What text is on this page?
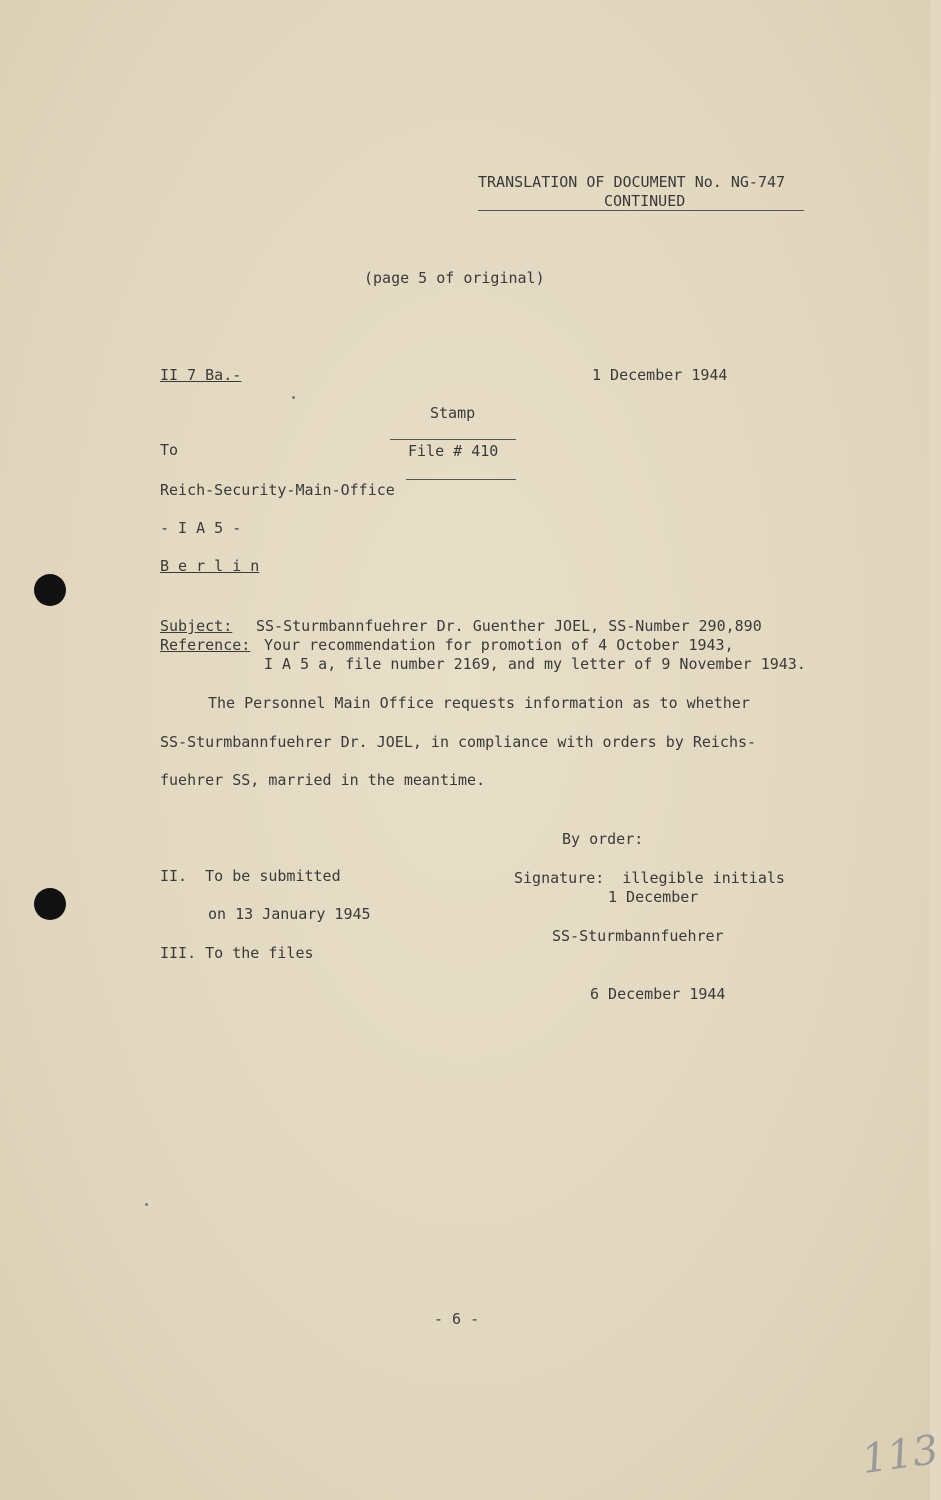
TRANSLATION OF DOCUMENT No. NG-747
CONTINUED
(page 5 of original)
II 7 Ba.-	1 December 1944
Stamp
File # 410
To
Reich-Security-Main-Office
- I A 5 -
B e r l i n
Subject: SS-Sturmbannfuehrer Dr. Guenther JOEL, SS-Number 290,890
Reference: Your recommendation for promotion of 4 October 1943,
I A 5 a, file number 2169, and my letter of 9 November 1943.
The Personnel Main Office requests information as to whether
SS-Sturmbannfuehrer Dr. JOEL, in compliance with orders by Reichs-
fuehrer SS, married in the meantime.
By order:
Signature:  illegible initials
1 December
SS-Sturmbannfuehrer
6 December 1944
II.  To be submitted
on 13 January 1945
III. To the files
- 6 -
113
